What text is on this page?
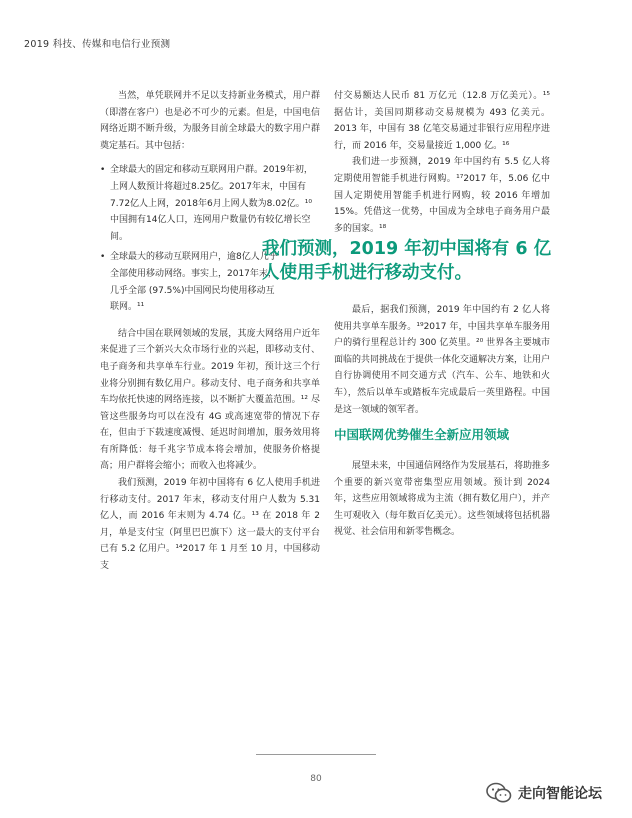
2019 科技、传媒和电信行业预测

当然，单凭联网并不足以支持新业务模式，用户群（即潜在客户）也是必不可少的元素。但是，中国电信网络近期不断升级，为服务目前全球最大的数字用户群奠定基石。其中包括：

• 全球最大的固定和移动互联网用户群。2019年初，上网人数预计将超过8.25亿。2017年末，中国有7.72亿人上网，2018年6月上网人数为8.02亿。¹⁰中国拥有14亿人口，连网用户数量仍有较亿增长空间。
• 全球最大的移动互联网用户，逾8亿人几乎全部使用移动网络。事实上，2017年末，几乎全部 (97.5%)中国网民均使用移动互联网。¹¹

结合中国在联网领域的发展，其庞大网络用户近年来促进了三个新兴大众市场行业的兴起，即移动支付、电子商务和共享单车行业。2019 年初，预计这三个行业将分别拥有数亿用户。移动支付、电子商务和共享单车均依托快速的网络连接，以不断扩大覆盖范围。¹² 尽管这些服务均可以在没有 4G 或高速宽带的情况下存在，但由于下载速度减慢、延迟时间增加，服务效用将有所降低：每千兆字节成本将会增加，使服务价格提高；用户群将会缩小；而收入也将减少。

我们预测，2019 年初中国将有 6 亿人使用手机进行移动支付。2017 年末，移动支付用户人数为 5.31 亿人，而 2016 年末则为 4.74 亿。¹³ 在 2018 年 2 月，单是支付宝（阿里巴巴旗下）这一最大的支付平台已有 5.2 亿用户。¹⁴2017 年 1 月至 10 月，中国移动支

我们预测，2019 年初中国将有 6 亿人使用手机进行移动支付。

付交易额达人民币 81 万亿元（12.8 万亿美元）。¹⁵ 据估计，美国同期移动交易规模为 493 亿美元。2013 年，中国有 38 亿笔交易通过非银行应用程序进行，而 2016 年，交易量接近 1,000 亿。¹⁶

我们进一步预测，2019 年中国约有 5.5 亿人将定期使用智能手机进行网购。¹⁷2017 年，5.06 亿中国人定期使用智能手机进行网购，较 2016 年增加 15%。凭借这一优势，中国成为全球电子商务用户最多的国家。¹⁸

最后，据我们预测，2019 年中国约有 2 亿人将使用共享单车服务。¹⁹2017 年，中国共享单车服务用户的骑行里程总计约 300 亿英里。²⁰ 世界各主要城市面临的共同挑战在于提供一体化交通解决方案，让用户自行协调使用不同交通方式（汽车、公车、地铁和火车），然后以单车或踏板车完成最后一英里路程。中国是这一领域的领军者。

展望未来，中国通信网络作为发展基石，将助推多个重要的新兴宽带密集型应用领域。预计到 2024 年，这些应用领域将成为主流（拥有数亿用户），并产生可观收入（每年数百亿美元）。这些领域将包括机器视觉、社会信用和新零售概念。

中国联网优势催生全新应用领域
80
走向智能论坛
